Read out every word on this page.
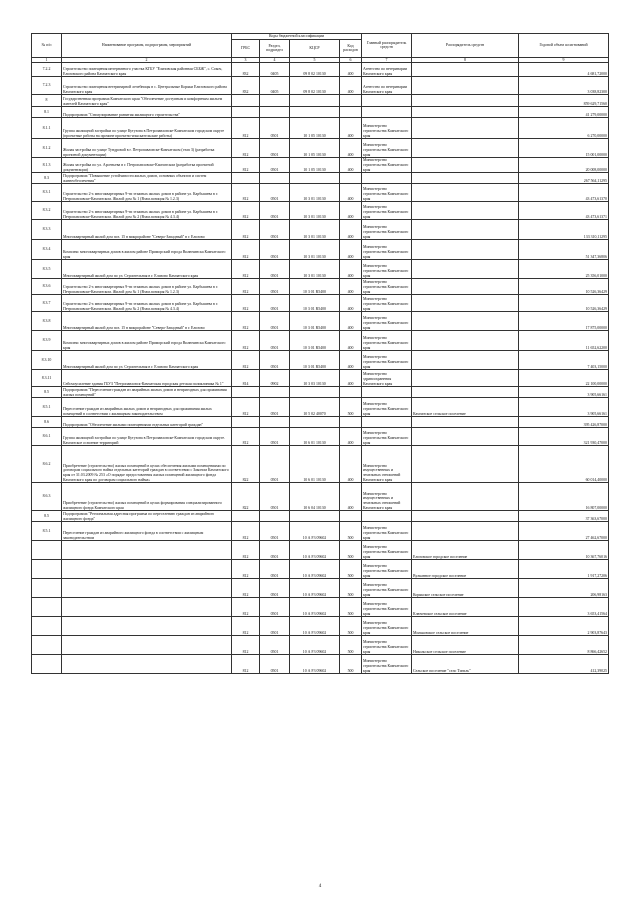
№ п/п	Наименование программ, подпрограмм, мероприятий	Коды бюджетной классификации				Главный распорядитель средств	Распорядитель средств	Годовой объем ассигнований
		ГРБС	Раздел, подраздел	КЦСР	Код расходов			
1	2	3	4	5	6	7	8	9
7.2.2	Строительство помещения интернатного участка КГБУ "Елизовская районная СББЖ", с. Сокоч, Елизовского района Камчатского края	832	0405	09 8 02 10130	400	Агентство по ветеринарии Камчатского края		4 681,72000
7.2.3	Строительство помещения ветеринарной лечебницы в с. Центральные Коряки Елизовского района Камчатского края	832	0405	09 8 02 10130	400	Агентство по ветеринарии Камчатского края		3 038,82300
8	Государственная программа Камчатского края "Обеспечение доступным и комфортным жильем жителей Камчатского края"							859 629,71560
8.1	Подпрограмма "Стимулирование развития жилищного строительства"							41 279,00000
8.1.1	Группа жилищной застройки по улице Кутузова в Петропавловске-Камчатском городском округе (проектные работы на прочине проектно-изыскательские работы)	812	0501	10 1 05 10130	400	Министерство строительства Камчатского края		6 270,00000
8.1.2	Жилая застройка по улице Тундровой в г. Петропавловске-Камчатском (этап 3) (разработка проектной документации)	812	0501	10 1 05 10130	400	Министерство строительства Камчатского края		15 001,00000
8.1.3	Жилая застройка по ул. Арсеньева в г. Петропавловске-Камчатском (разработка проектной документации)	812	0501	10 1 05 10130	400	Министерство строительства Камчатского края		20 008,00000
8.3	Подпрограмма "Повышение устойчивости жилых домов, основных объектов и систем жизнеобеспечения"							267 564,11295
8.3.1	Строительство 2-х многоквартирных 9-ти этажных жилых домов в районе ул. Карбышева в г. Петропавловске-Камчатском. Жилой дом № 1 (Взам.позиция № 1.2.3)	812	0501	10 3 01 10130	400	Министерство строительства Камчатского края		43 473,61370
8.3.2	Строительство 2-х многоквартирных 9-ти этажных жилых домов в районе ул. Карбышева в г. Петропавловске-Камчатском. Жилой дом № 2 (Взам.позиция № 4.3.4)	812	0501	10 3 01 10130	400	Министерство строительства Камчатского края		43 473,61371
8.3.3	Многоквартирный жилой дом поз. 15 в микрорайоне "Северо-Западный" в г. Елизово	812	0501	10 3 01 10130	400	Министерство строительства Камчатского края		133 310,11295
8.3.4	Комплекс многоквартирных домов в жилом районе Приморский города Вилючинска Камчатского края	812	0501	10 3 01 10130	400	Министерство строительства Камчатского края		51 347,36806
8.3.5	Многоквартирный жилой дом по ул. Строительная в г. Елизово Камчатского края	812	0501	10 3 01 10130	400	Министерство строительства Камчатского края		25 356,01000
8.3.6	Строительство 2-х многоквартирных 9-ти этажных жилых домов в районе ул. Карбышева в г. Петропавловске-Камчатском. Жилой дом № 1 (Взам.позиция № 1.2.3)	812	0501	10 3 01 R5400	400	Министерство строительства Камчатского края		10 526,36429
8.3.7	Строительство 2-х многоквартирных 9-ти этажных жилых домов в районе ул. Карбышева в г. Петропавловске-Камчатском. Жилой дом № 2 (Взам.позиция № 4.3.4)	812	0501	10 3 01 R5400	400	Министерство строительства Камчатского края		10 526,36429
8.3.8	Многоквартирный жилой дом поз. 15 в микрорайоне "Северо-Западный" в г. Елизово	812	0501	10 3 01 R5400	400	Министерство строительства Камчатского края		17 875,00000
8.3.9	Комплекс многоквартирных домов в жилом районе Приморский города Вилючинска Камчатского края	812	0501	10 3 01 R5400	400	Министерство строительства Камчатского края		11 652,62200
8.3.10	Многоквартирный жилой дом по ул. Строительная в г. Елизово Камчатского края	812	0501	10 3 01 R5400	400	Министерство строительства Камчатского края		7 403,15000
8.3.11	Сейсмоусиление здания ГБУЗ "Петропавловск-Камчатская городская детская поликлиника № 1"	814	0902	10 3 03 10130	400	Министерство здравоохранения Камчатского края		22 100,00000
8.5	Подпрограмма "Переселение граждан из аварийных жилых домов и непригодных для проживания жилых помещений"							3 905,66161
8.5.1	Переселение граждан из аварийных жилых домов и непригодных для проживания жилых помещений в соответствии с жилищным законодательством	812	0501	10 5 02 40070	500	Министерство строительства Камчатского края	Камчатское сельское поселение	3 905,66161
8.6	Подпрограмма "Обеспечение жилыми помещениями отдельных категорий граждан"							395 426,87000
8.6.1	Группа жилищной застройки по улице Кутузова в Петропавловске-Камчатском городском округе. Камчатское освоение территорий	812	0501	10 6 01 10130	400	Министерство строительства Камчатского края		321 930,47000
8.6.2	Приобретение (строительство) жилых помещений в целях обеспечения жилыми помещениями по договорам социального найма отдельных категорий граждан в соответствии с Законом Камчатского края от 31.03.2009 № 253 «О порядке предоставления жилых помещений жилищного фонда Камчатского края по договорам социального найма»	822	0501	10 6 01 10130	400	Министерство имущественных и земельных отношений Камчатского края		60 014,40000
8.6.3	Приобретение (строительство) жилых помещений в целях формирования специализированного жилищного фонда Камчатского края	822	0501	10 6 04 10130	400	Министерство имущественных и земельных отношений Камчатского края		16 807,00000
8.5	Подпрограмма "Региональная адресная программа по переселению граждан из аварийного жилищного фонда"							37 363,67000
8.5.1	Переселение граждан из аварийного жилищного фонда в соответствии с жилищным законодательством	812	0501	10 А F3 09602	500	Министерство строительства Камчатского края		27 462,67000
		812	0501	10 А F3 09602	500	Министерство строительства Камчатского края	Елизовское городское поселение	10 367,76016
		812	0501	10 А F3 09602	500	Министерство строительства Камчатского края	Вулканное городское поселение	1 917,27206
		812	0501	10 А F3 09602	500	Министерство строительства Камчатского края	Корякское сельское поселение	206,98163
		812	0501	10 А F3 09602	500	Министерство строительства Камчатского края	Ключевское сельское поселение	3 653,41564
		812	0501	10 А F3 09602	500	Министерство строительства Камчатского края	Мильковское сельское поселение	2 903,87643
		812	0501	10 А F3 09602	500	Министерство строительства Камчатского края	Никольское сельское поселение	8 866,42652
		812	0501	10 А F3 09602	500	Министерство строительства Камчатского края	Сельское поселение "село Тигиль"	412,39025
4
